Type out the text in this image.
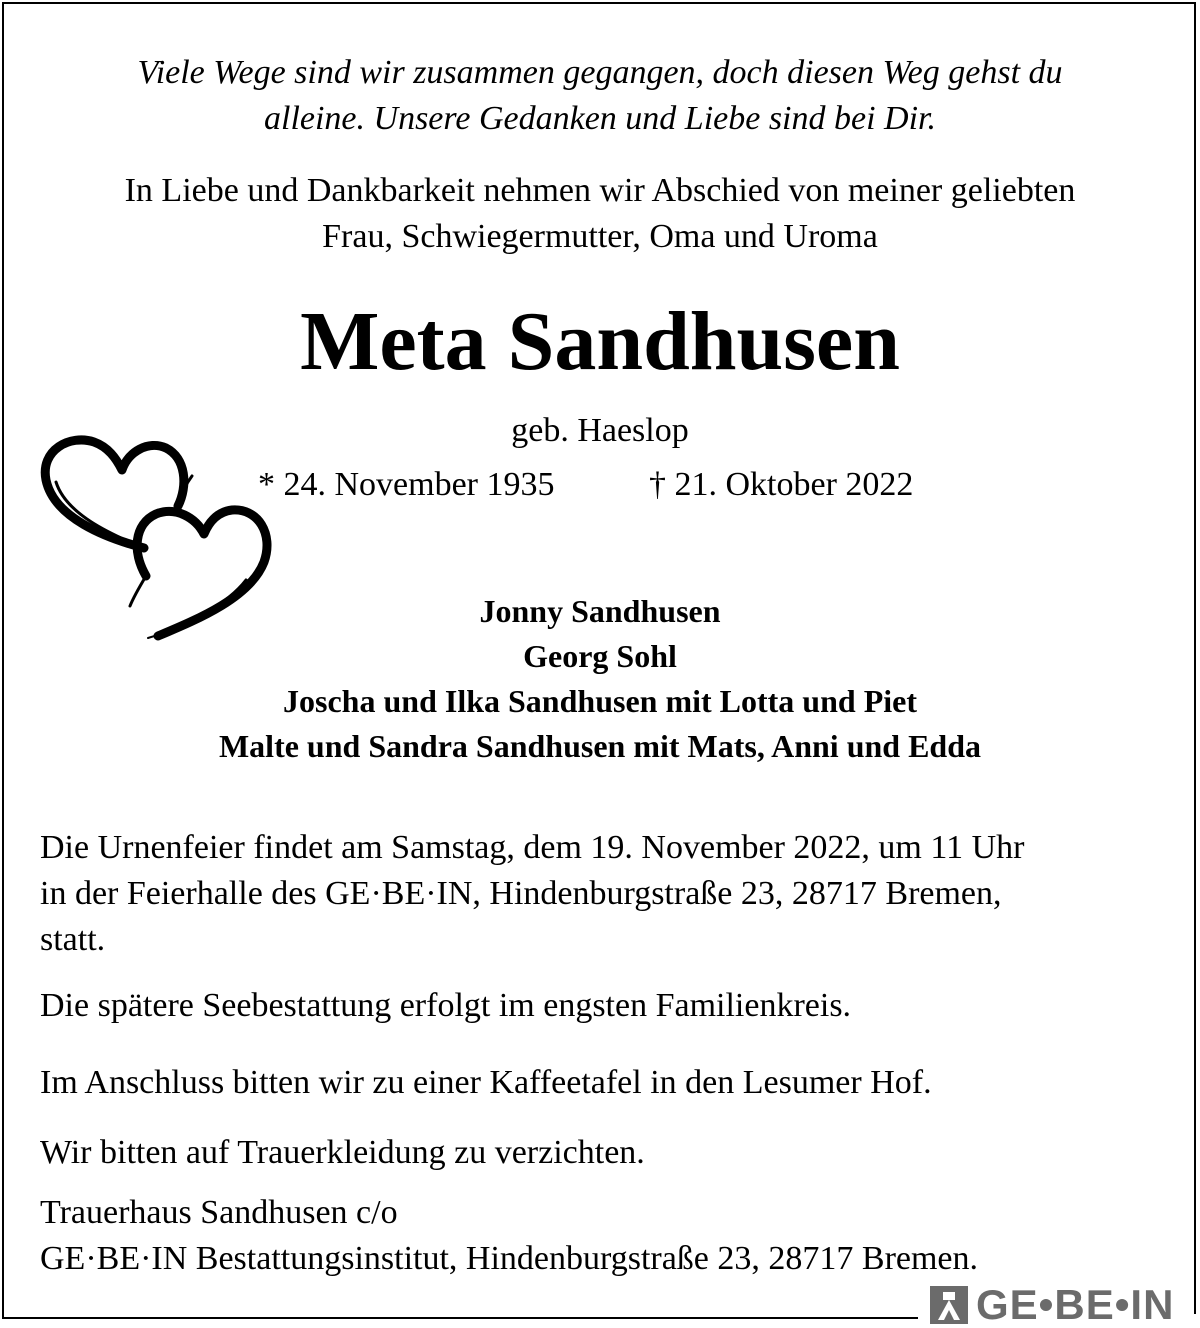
Viele Wege sind wir zusammen gegangen, doch diesen Weg gehst du
alleine. Unsere Gedanken und Liebe sind bei Dir.
In Liebe und Dankbarkeit nehmen wir Abschied von meiner geliebten
Frau, Schwiegermutter, Oma und Uroma
Meta Sandhusen
geb. Haeslop
* 24. November 1935	† 21. Oktober 2022
Jonny Sandhusen
Georg Sohl
Joscha und Ilka Sandhusen mit Lotta und Piet
Malte und Sandra Sandhusen mit Mats, Anni und Edda
Die Urnenfeier findet am Samstag, dem 19. November 2022, um 11 Uhr
in der Feierhalle des GE·BE·IN, Hindenburgstraße 23, 28717 Bremen,
statt.
Die spätere Seebestattung erfolgt im engsten Familienkreis.
Im Anschluss bitten wir zu einer Kaffeetafel in den Lesumer Hof.
Wir bitten auf Trauerkleidung zu verzichten.
Trauerhaus Sandhusen c/o
GE·BE·IN Bestattungsinstitut, Hindenburgstraße 23, 28717 Bremen.
GE•BE•IN
